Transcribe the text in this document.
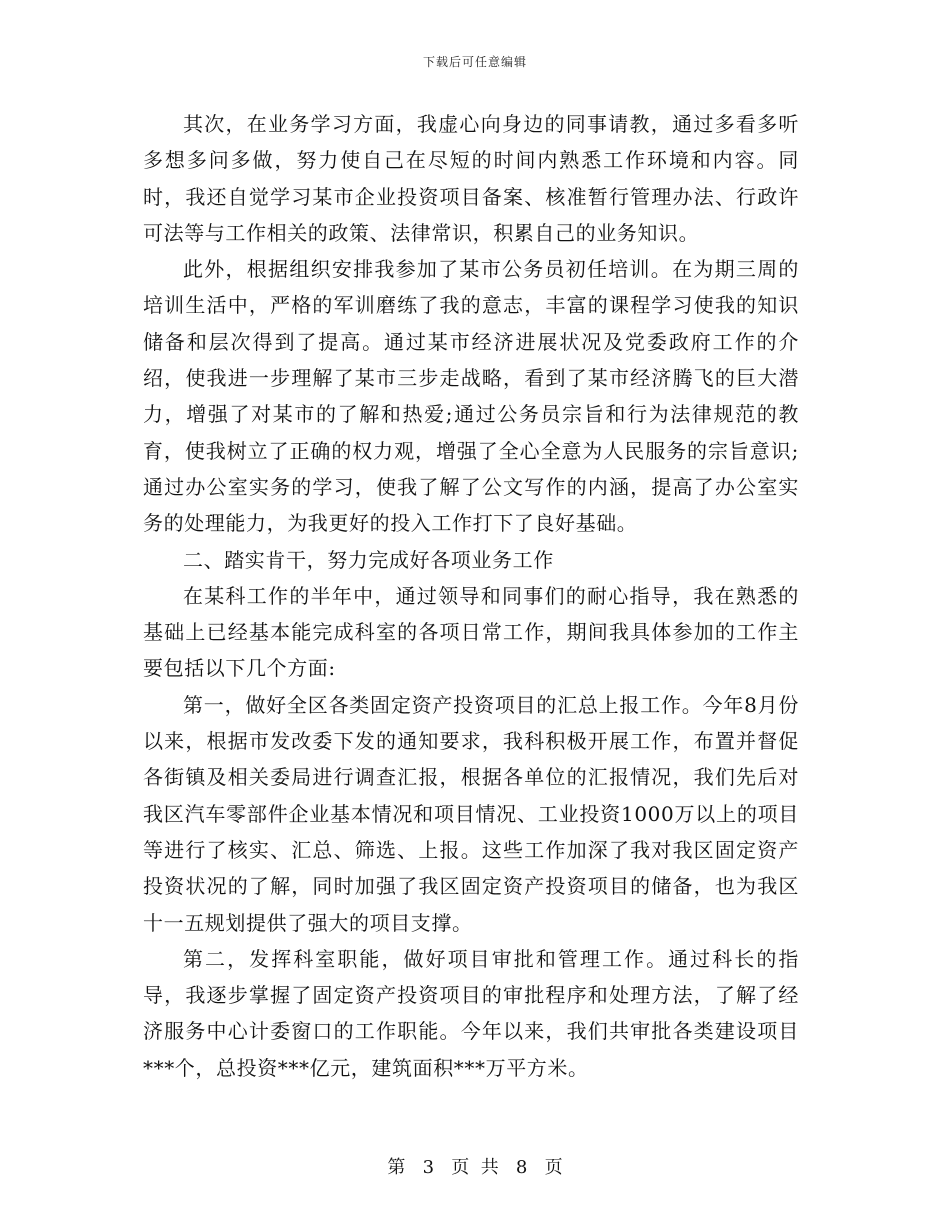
下载后可任意编辑

其次，在业务学习方面，我虚心向身边的同事请教，通过多看多听多想多问多做，努力使自己在尽短的时间内熟悉工作环境和内容。同时，我还自觉学习某市企业投资项目备案、核准暂行管理办法、行政许可法等与工作相关的政策、法律常识，积累自己的业务知识。

此外，根据组织安排我参加了某市公务员初任培训。在为期三周的培训生活中，严格的军训磨练了我的意志，丰富的课程学习使我的知识储备和层次得到了提高。通过某市经济进展状况及党委政府工作的介绍，使我进一步理解了某市三步走战略，看到了某市经济腾飞的巨大潜力，增强了对某市的了解和热爱;通过公务员宗旨和行为法律规范的教育，使我树立了正确的权力观，增强了全心全意为人民服务的宗旨意识;通过办公室实务的学习，使我了解了公文写作的内涵，提高了办公室实务的处理能力，为我更好的投入工作打下了良好基础。

二、踏实肯干，努力完成好各项业务工作

在某科工作的半年中，通过领导和同事们的耐心指导，我在熟悉的基础上已经基本能完成科室的各项日常工作，期间我具体参加的工作主要包括以下几个方面:

第一，做好全区各类固定资产投资项目的汇总上报工作。今年8月份以来，根据市发改委下发的通知要求，我科积极开展工作，布置并督促各街镇及相关委局进行调查汇报，根据各单位的汇报情况，我们先后对我区汽车零部件企业基本情况和项目情况、工业投资1000万以上的项目等进行了核实、汇总、筛选、上报。这些工作加深了我对我区固定资产投资状况的了解，同时加强了我区固定资产投资项目的储备，也为我区十一五规划提供了强大的项目支撑。

第二，发挥科室职能，做好项目审批和管理工作。通过科长的指导，我逐步掌握了固定资产投资项目的审批程序和处理方法，了解了经济服务中心计委窗口的工作职能。今年以来，我们共审批各类建设项目***个，总投资***亿元，建筑面积***万平方米。

第 3 页  共 8 页
